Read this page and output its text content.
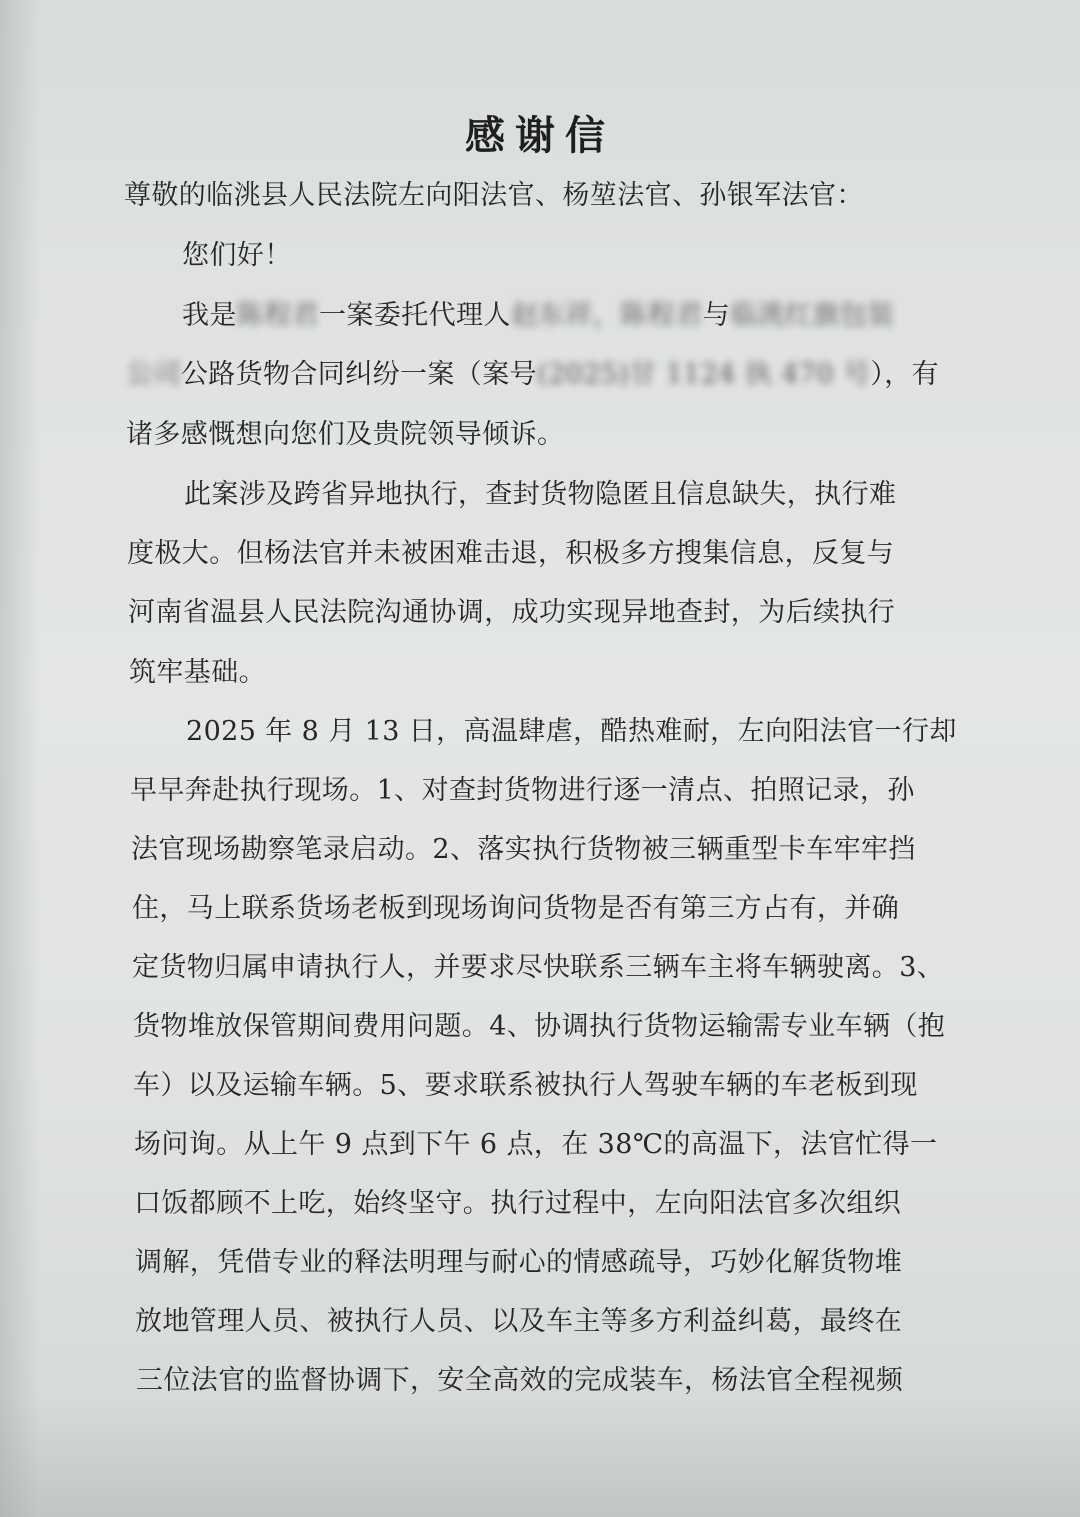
感谢信

尊敬的临洮县人民法院左向阳法官、杨堃法官、孙银军法官：

您们好！

我是陈程君一案委托代理人赵东祥，陈程君与临洮红旗包装

公司公路货物合同纠纷一案（案号(2025)甘 1124 执 470 号），有

诸多感慨想向您们及贵院领导倾诉。

此案涉及跨省异地执行，查封货物隐匿且信息缺失，执行难

度极大。但杨法官并未被困难击退，积极多方搜集信息，反复与

河南省温县人民法院沟通协调，成功实现异地查封，为后续执行

筑牢基础。

2025 年 8 月 13 日，高温肆虐，酷热难耐，左向阳法官一行却

早早奔赴执行现场。1、对查封货物进行逐一清点、拍照记录，孙

法官现场勘察笔录启动。2、落实执行货物被三辆重型卡车牢牢挡

住，马上联系货场老板到现场询问货物是否有第三方占有，并确

定货物归属申请执行人，并要求尽快联系三辆车主将车辆驶离。3、

货物堆放保管期间费用问题。4、协调执行货物运输需专业车辆（抱

车）以及运输车辆。5、要求联系被执行人驾驶车辆的车老板到现

场问询。从上午 9 点到下午 6 点，在 38℃的高温下，法官忙得一

口饭都顾不上吃，始终坚守。执行过程中，左向阳法官多次组织

调解，凭借专业的释法明理与耐心的情感疏导，巧妙化解货物堆

放地管理人员、被执行人员、以及车主等多方利益纠葛，最终在

三位法官的监督协调下，安全高效的完成装车，杨法官全程视频
